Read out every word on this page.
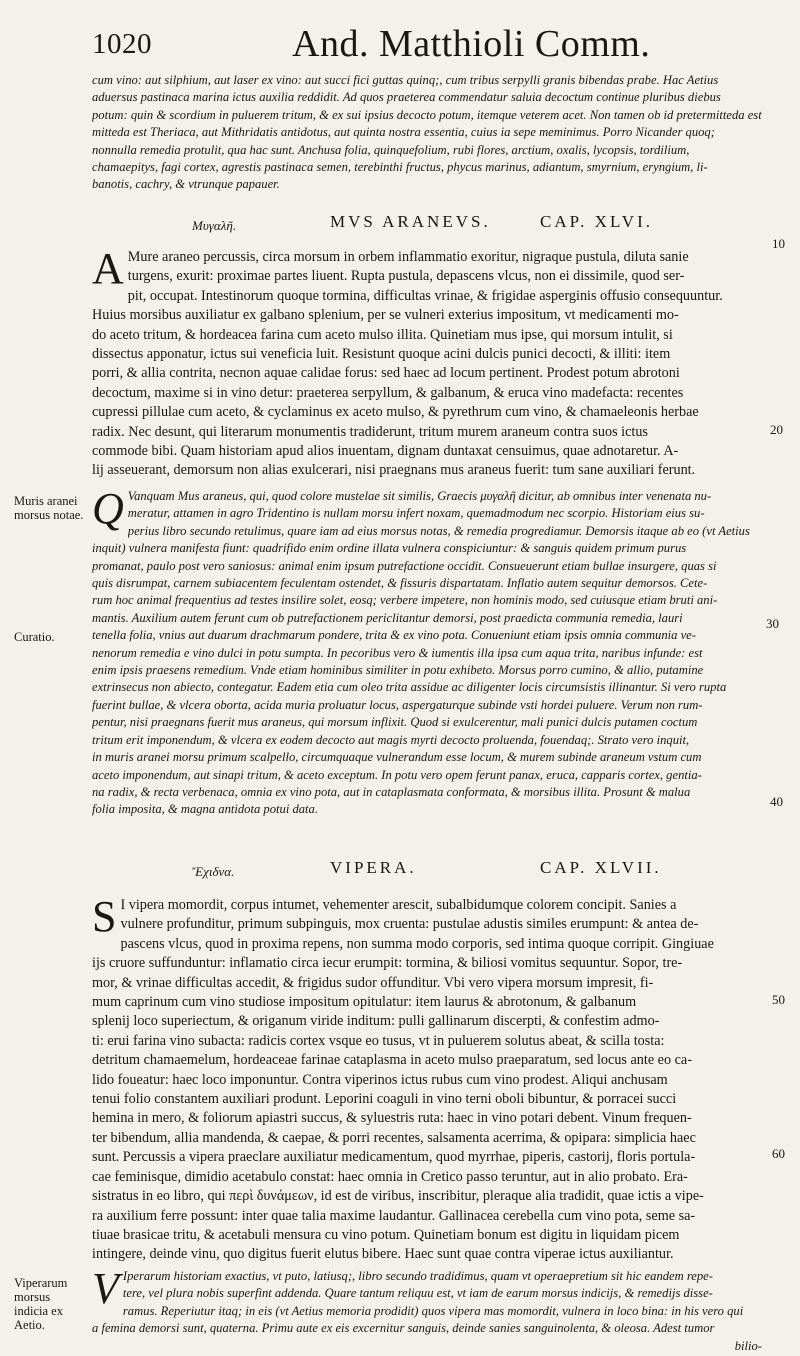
1020	And. Matthioli Comm.
cum vino: aut silphium, aut laser ex vino: aut succi fici guttas quinq;, cum tribus serpylli granis bibendas prabe. Hac Aetius
aduersus pastinaca marina ictus auxilia reddidit. Ad quos praeterea commendatur saluia decoctum continue pluribus diebus
potum: quin & scordium in puluerem tritum, & ex sui ipsius decocto potum, itemque veterem acet. Non tamen ob id pretermitteda est
mitteda est Theriaca, aut Mithridatis antidotus, aut quinta nostra essentia, cuius ia sepe meminimus. Porro Nicander quoq;
nonnulla remedia protulit, qua hac sunt. Anchusa folia, quinquefolium, rubi flores, arctium, oxalis, lycopsis, tordilium,
chamaepitys, fagi cortex, agrestis pastinaca semen, terebinthi fructus, phycus marinus, adiantum, smyrnium, eryngium, li-
banotis, cachry, & vtrunque papauer.
Μυγαλῆ.	MVS ARANEVS.	CAP. XLVI.
A Mure araneo percussis, circa morsum in orbem inflammatio exoritur, nigraque pustula, diluta sanie
turgens, exurit: proximae partes liuent. Rupta pustula, depascens vlcus, non ei dissimile, quod ser-
pit, occupat. Intestinorum quoque tormina, difficultas vrinae, & frigidae asperginis offusio consequuntur.
Huius morsibus auxiliatur ex galbano splenium, per se vulneri exterius impositum, vt medicamenti mo-
do aceto tritum, & hordeacea farina cum aceto mulso illita. Quinetiam mus ipse, qui morsum intulit, si
dissectus apponatur, ictus sui veneficia luit. Resistunt quoque acini dulcis punici decocti, & illiti: item
porri, & allia contrita, necnon aquae calidae forus: sed haec ad locum pertinent. Prodest potum abrotoni
decoctum, maxime si in vino detur: praeterea serpyllum, & galbanum, & eruca vino madefacta: recentes
cupressi pillulae cum aceto, & cyclaminus ex aceto mulso, & pyrethrum cum vino, & chamaeleonis herbae
radix. Nec desunt, qui literarum monumentis tradiderunt, tritum murem araneum contra suos ictus
commode bibi. Quam historiam apud alios inuentam, dignam duntaxat censuimus, quae adnotaretur. A-
lij asseuerant, demorsum non alias exulcerari, nisi praegnans mus araneus fuerit: tum sane auxiliari ferunt.
Q Vanquam Mus araneus, qui, quod colore mustelae sit similis, Graecis μυγαλῆ dicitur, ab omnibus inter venenata nu-
meratur, attamen in agro Tridentino is nullam morsu infert noxam, quemadmodum nec scorpio. Historiam eius su-
perius libro secundo retulimus, quare iam ad eius morsus notas, & remedia progrediamur. Demorsis itaque ab eo (vt Aetius
inquit) vulnera manifesta fiunt: quadrifido enim ordine illata vulnera conspiciuntur: & sanguis quidem primum purus
promanat, paulo post vero saniosus: animal enim ipsum putrefactione occidit. Consueuerunt etiam bullae insurgere, quas si
quis disrumpat, carnem subiacentem feculentam ostendet, & fissuris dispartatam. Inflatio autem sequitur demorsos. Cete-
rum hoc animal frequentius ad testes insilire solet, eosq; verbere impetere, non hominis modo, sed cuiusque etiam bruti ani-
mantis. Auxilium autem ferunt cum ob putrefactionem periclitantur demorsi, post praedicta communia remedia, lauri
tenella folia, vnius aut duarum drachmarum pondere, trita & ex vino pota. Conueniunt etiam ipsis omnia communia ve-
nenorum remedia e vino dulci in potu sumpta. In pecoribus vero & iumentis illa ipsa cum aqua trita, naribus infunde: est
enim ipsis praesens remedium. Vnde etiam hominibus similiter in potu exhibeto. Morsus porro cumino, & allio, putamine
extrinsecus non abiecto, contegatur. Eadem etia cum oleo trita assidue ac diligenter locis circumsistis illinantur. Si vero rupta
fuerint bullae, & vlcera oborta, acida muria proluatur locus, aspergaturque subinde vsti hordei puluere. Verum non rum-
pentur, nisi praegnans fuerit mus araneus, qui morsum inflixit. Quod si exulcerentur, mali punici dulcis putamen coctum
tritum erit imponendum, & vlcera ex eodem decocto aut magis myrti decocto proluenda, fouendaq;. Strato vero inquit,
in muris aranei morsu primum scalpello, circumquaque vulnerandum esse locum, & murem subinde araneum vstum cum
aceto imponendum, aut sinapi tritum, & aceto exceptum. In potu vero opem ferunt panax, eruca, capparis cortex, gentia-
na radix, & recta verbenaca, omnia ex vino pota, aut in cataplasmata conformata, & morsibus illita. Prosunt & malua
folia imposita, & magna antidota potui data.
Ἔχιδνα.	VIPERA.	CAP. XLVII.
S I vipera momordit, corpus intumet, vehementer arescit, subalbidumque colorem concipit. Sanies a
vulnere profunditur, primum subpinguis, mox cruenta: pustulae adustis similes erumpunt: & antea de-
pascens vlcus, quod in proxima repens, non summa modo corporis, sed intima quoque corripit. Gingiuae
ijs cruore suffunduntur: inflamatio circa iecur erumpit: tormina, & biliosi vomitus sequuntur. Sopor, tre-
mor, & vrinae difficultas accedit, & frigidus sudor offunditur. Vbi vero vipera morsum impresit, fi-
mum caprinum cum vino studiose impositum opitulatur: item laurus & abrotonum, & galbanum
splenij loco superiectum, & origanum viride inditum: pulli gallinarum discerpti, & confestim admo-
ti: erui farina vino subacta: radicis cortex vsque eo tusus, vt in puluerem solutus abeat, & scilla tosta:
detritum chamaemelum, hordeaceae farinae cataplasma in aceto mulso praeparatum, sed locus ante eo ca-
lido foueatur: haec loco imponuntur. Contra viperinos ictus rubus cum vino prodest. Aliqui anchusam
tenui folio constantem auxiliari produnt. Leporini coaguli in vino terni oboli bibuntur, & porracei succi
hemina in mero, & foliorum apiastri succus, & syluestris ruta: haec in vino potari debent. Vinum frequen-
ter bibendum, allia mandenda, & caepae, & porri recentes, salsamenta acerrima, & opipara: simplicia haec
sunt. Percussis a vipera praeclare auxiliatur medicamentum, quod myrrhae, piperis, castorij, floris portula-
cae feminisque, dimidio acetabulo constat: haec omnia in Cretico passo teruntur, aut in alio probato. Era-
sistratus in eo libro, qui περὶ δυνάμεων, id est de viribus, inscribitur, pleraque alia tradidit, quae ictis a vipe-
ra auxilium ferre possunt: inter quae talia maxime laudantur. Gallinacea cerebella cum vino pota, seme sa-
tiuae brasicae tritu, & acetabuli mensura cu vino potum. Quinetiam bonum est digitu in liquidam picem
intingere, deinde vinu, quo digitus fuerit elutus bibere. Haec sunt quae contra viperae ictus auxiliantur.
V Iperarum historiam exactius, vt puto, latiusq;, libro secundo tradidimus, quam vt operaepretium sit hic eandem repe-
tere, vel plura nobis superfint addenda. Quare tantum reliquu est, vt iam de earum morsus indicijs, & remedijs disse-
ramus. Reperiutur itaq; in eis (vt Aetius memoria prodidit) quos vipera mas momordit, vulnera in loco bina: in his vero qui
a femina demorsi sunt, quaterna. Primu aute ex eis excernitur sanguis, deinde sanies sanguinolenta, & oleosa. Adest tumor
bilio-
Muris aranei morsus notae.
Curatio.
Viperarum morsus indicia ex Aetio.
10
20
30
40
50
60
